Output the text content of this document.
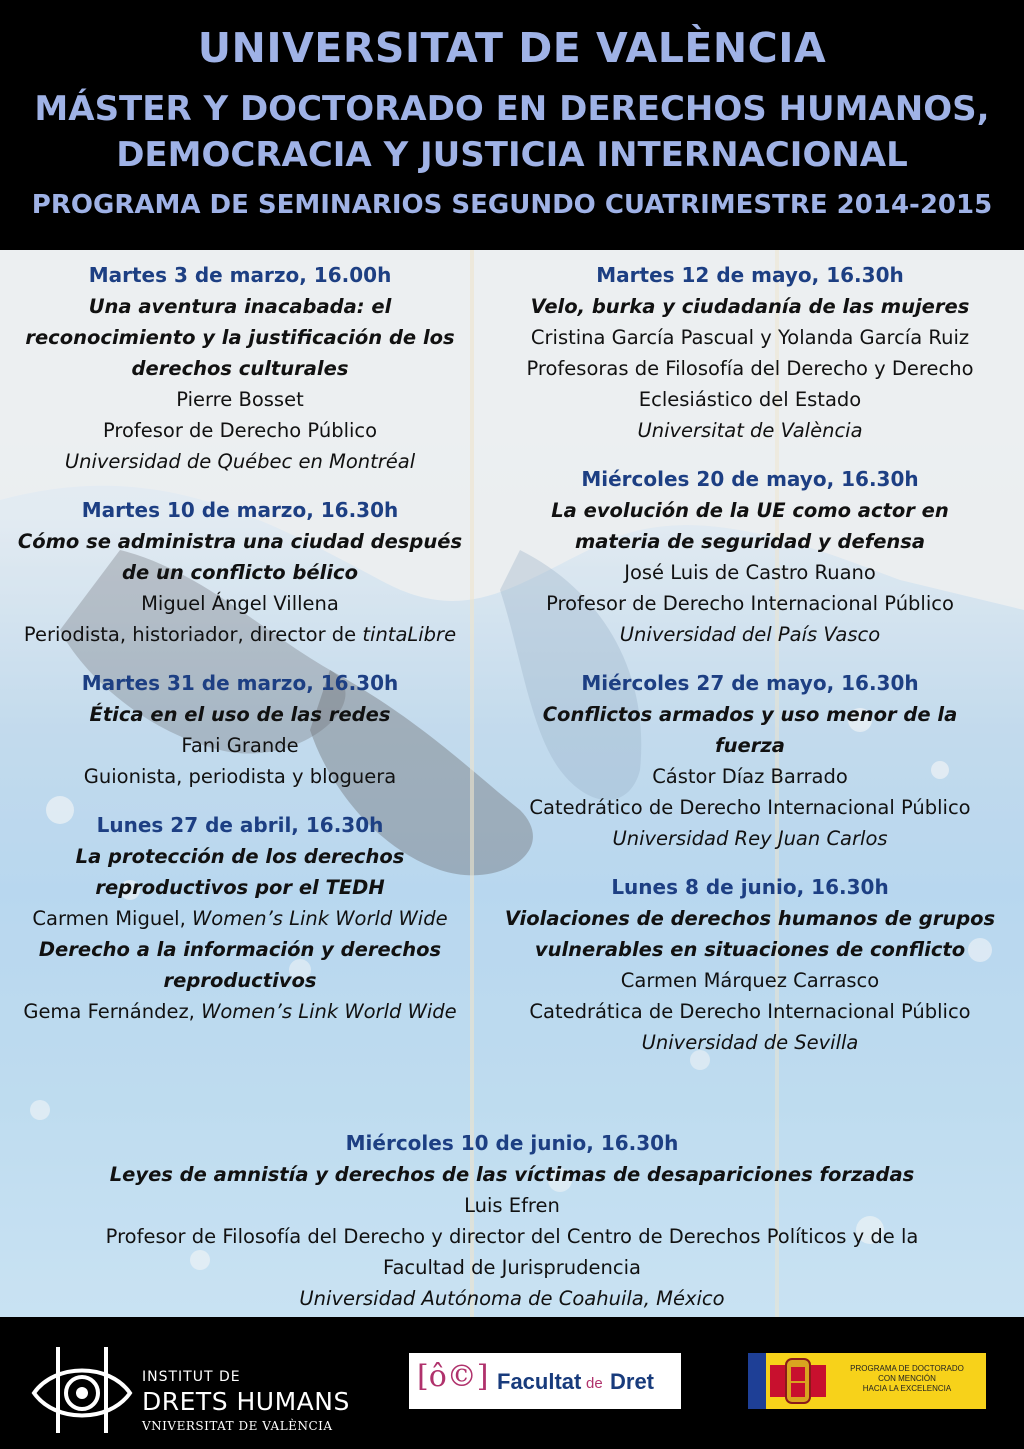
UNIVERSITAT DE VALÈNCIA
MÁSTER Y DOCTORADO EN DERECHOS HUMANOS,
DEMOCRACIA Y JUSTICIA INTERNACIONAL
PROGRAMA DE SEMINARIOS SEGUNDO CUATRIMESTRE 2014-2015
Martes 3 de marzo, 16.00h
Una aventura inacabada: el
reconocimiento y la justificación de los
derechos culturales
Pierre Bosset
Profesor de Derecho Público
Universidad de Québec en Montréal
Martes 10 de marzo, 16.30h
Cómo se administra una ciudad después
de un conflicto bélico
Miguel Ángel Villena
Periodista, historiador, director de tintaLibre
Martes 31 de marzo, 16.30h
Ética en el uso de las redes
Fani Grande
Guionista, periodista y bloguera
Lunes 27 de abril, 16.30h
La protección de los derechos
reproductivos por el TEDH
Carmen Miguel, Women’s Link World Wide
Derecho a la información y derechos
reproductivos
Gema Fernández, Women’s Link World Wide
Martes 12 de mayo, 16.30h
Velo, burka y ciudadanía de las mujeres
Cristina García Pascual y Yolanda García Ruiz
Profesoras de Filosofía del Derecho y Derecho
Eclesiástico del Estado
Universitat de València
Miércoles 20 de mayo, 16.30h
La evolución de la UE como actor en
materia de seguridad y defensa
José Luis de Castro Ruano
Profesor de Derecho Internacional Público
Universidad del País Vasco
Miércoles 27 de mayo, 16.30h
Conflictos armados y uso menor de la
fuerza
Cástor Díaz Barrado
Catedrático de Derecho Internacional Público
Universidad Rey Juan Carlos
Lunes 8 de junio, 16.30h
Violaciones de derechos humanos de grupos
vulnerables en situaciones de conflicto
Carmen Márquez Carrasco
Catedrática de Derecho Internacional Público
Universidad de Sevilla
Miércoles 10 de junio, 16.30h
Leyes de amnistía y derechos de las víctimas de desapariciones forzadas
Luis Efren
Profesor de Filosofía del Derecho y director del Centro de Derechos Políticos y de la
Facultad de Jurisprudencia
Universidad Autónoma de Coahuila, México
INSTITUT DE
DRETS HUMANS
VNIVERSITAT DE VALÈNCIA
[ô©] Facultat de Dret
PROGRAMA DE DOCTORADO
CON MENCIÓN
HACIA LA EXCELENCIA
